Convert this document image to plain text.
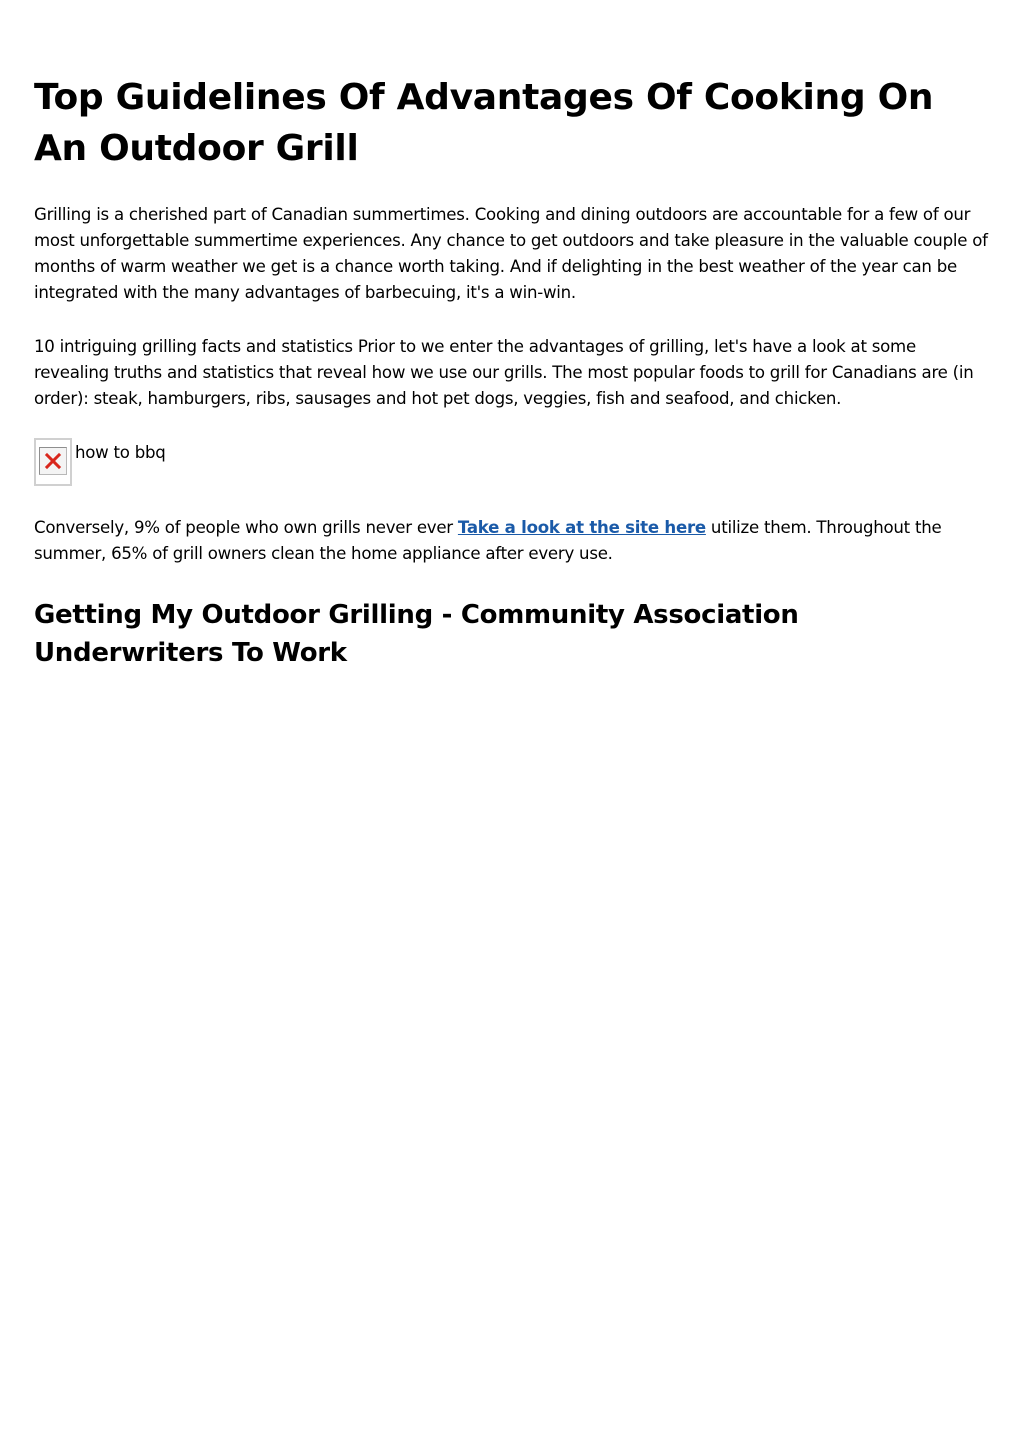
Top Guidelines Of Advantages Of Cooking On An Outdoor Grill

Grilling is a cherished part of Canadian summertimes. Cooking and dining outdoors are accountable for a few of our most unforgettable summertime experiences. Any chance to get outdoors and take pleasure in the valuable couple of months of warm weather we get is a chance worth taking. And if delighting in the best weather of the year can be integrated with the many advantages of barbecuing, it's a win-win.

10 intriguing grilling facts and statistics Prior to we enter the advantages of grilling, let's have a look at some revealing truths and statistics that reveal how we use our grills. The most popular foods to grill for Canadians are (in order): steak, hamburgers, ribs, sausages and hot pet dogs, veggies, fish and seafood, and chicken.

how to bbq

Conversely, 9% of people who own grills never ever Take a look at the site here utilize them. Throughout the summer, 65% of grill owners clean the home appliance after every use.

Getting My Outdoor Grilling - Community Association Underwriters To Work
